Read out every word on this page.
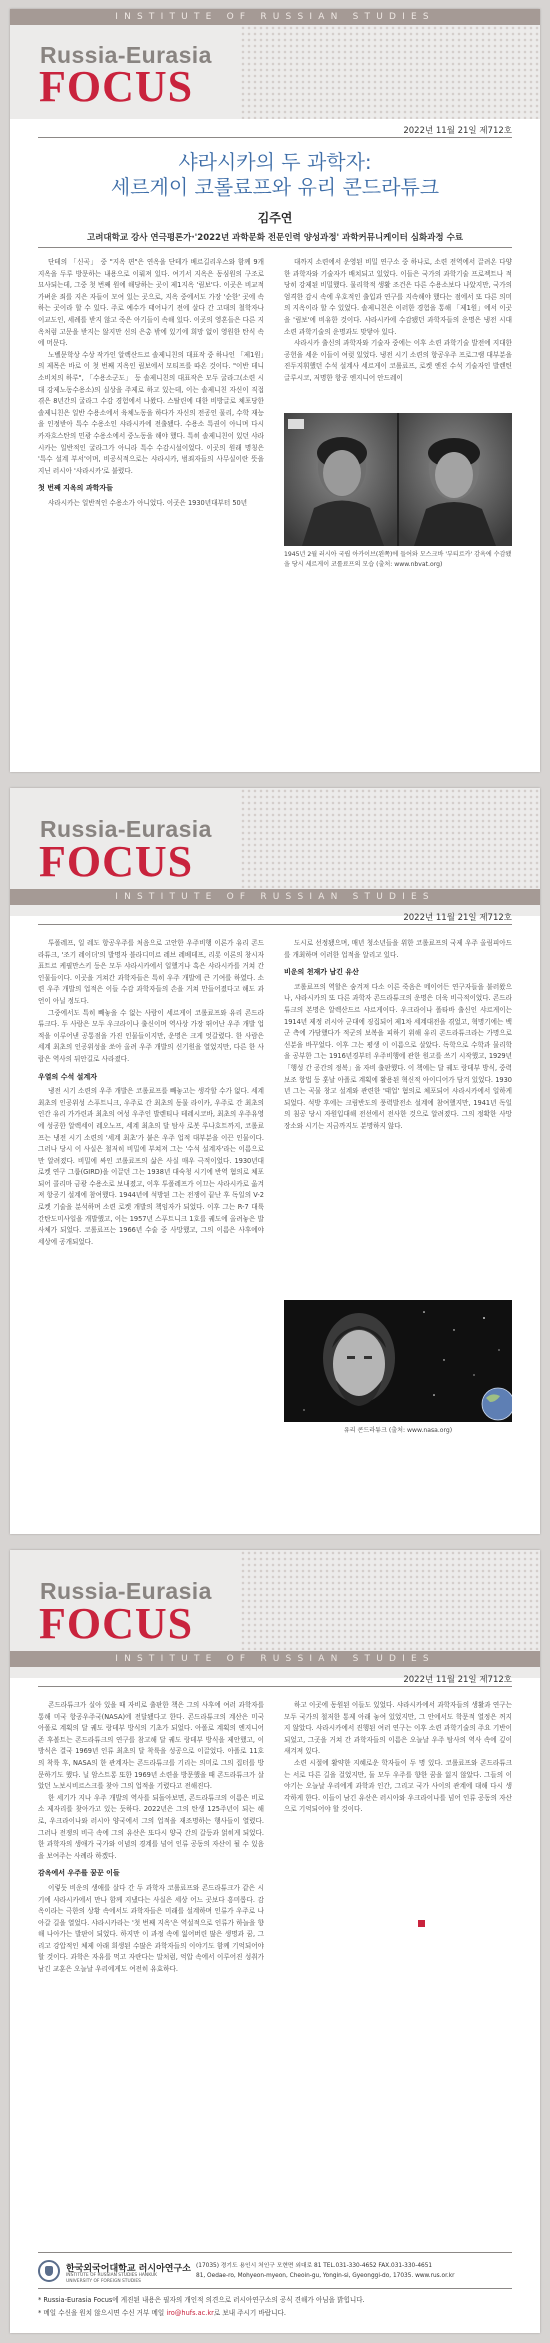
INSTITUTE OF RUSSIAN STUDIES
Russia-Eurasia
FOCUS
2022년 11월 21일 제712호
샤라시카의 두 과학자:
세르게이 코롤료프와 유리 콘드라튜크
김주연
고려대학교 강사 연극평론가·'2022년 과학문화 전문인력 양성과정' 과학커뮤니케이터 심화과정 수료

단테의 「신곡」 중 "지옥 편"은 연옥을 단테가 베르길리우스와 함께 9개 지옥을 두루 방문하는 내용으로 이뤄져 있다. 여기서 지옥은 동심원의 구조로 묘사되는데, 그중 첫 번째 원에 해당하는 곳이 제1지옥 '림보'다. 이곳은 비교적 가벼운 죄를 지은 자들이 모여 있는 곳으로, 지옥 중에서도 가장 '순한' 곳에 속하는 곳이라 할 수 있다. 주로 예수가 태어나기 전에 살다 간 고대의 철학자나 이교도인, 세례를 받지 않고 죽은 아기들이 속해 있다. 이곳의 영혼들은 다른 지옥처럼 고문을 받지는 않지만 신의 은총 밖에 있기에 희망 없이 영원한 탄식 속에 머문다.

노벨문학상 수상 작가인 알렉산드르 솔제니친의 대표작 중 하나인 「제1원」의 제목은 바로 이 첫 번째 지옥인 림보에서 모티프를 따온 것이다. "이반 데니소비치의 하루", 「수용소군도」 등 솔제니친의 대표작은 모두 굴라그(소련 시대 강제노동수용소)의 실상을 주제로 하고 있는데, 이는 솔제니친 자신이 직접 겪은 8년간의 굴라그 수감 경험에서 나왔다. 스탈린에 대한 비방글로 체포당한 솔제니친은 일반 수용소에서 육체노동을 하다가 자신의 전공인 물리, 수학 재능을 인정받아 특수 수용소인 샤라시카에 전출됐다. 수용소 특권이 아니며 다시 카자흐스탄의 민광 수용소에서 중노동을 해야 했다. 특히 솔제니친이 있던 샤라시카는 일반적인 굴라그가 아니라 특수 수감시설이었다. 이곳의 원래 명칭은 '특수 설계 부서'이며, 비공식적으로는 샤라시카, 범죄자들의 사무실이란 뜻을 지닌 러시아 '샤라시카'로 불렸다.

첫 번째 지옥의 과학자들

샤라시카는 일반적인 수용소가 아니었다. 이곳은 1930년대부터 50년

대까지 소련에서 운영된 비밀 연구소 중 하나로, 소련 전역에서 끌려온 다양한 과학자와 기술자가 배치되고 있었다. 이들은 국가의 과학기술 프로젝트나 적당히 강제된 비밀했다. 물리학적 생활 조건은 다른 수용소보다 나았지만, 국가의 엄격한 감시 속에 우호적인 출입과 연구를 지속해야 했다는 점에서 또 다른 의미의 지옥이라 할 수 있었다. 솔제니친은 이러한 경험을 통해 「제1원」에서 이곳을 '림보'에 비유한 것이다. 샤라시카에 수감됐던 과학자들의 운명은 냉전 시대 소련 과학기술의 운명과도 맞닿아 있다.

샤라시카 출신의 과학자와 기술자 중에는 이후 소련 과학기술 발전에 지대한 공헌을 세운 이들이 여럿 있었다. 냉전 시기 소련의 항공우주 프로그램 대부분을 진두지휘했던 수석 설계사 세르게이 코롤료프, 로켓 엔진 수석 기술자인 발렌틴 글루시코, 저명한 항공 엔지니어 안드레이

1945년 2월 러시아 국립 아카이브(왼쪽)에 들어와 모스크바 '부티르카' 감옥에 수감됐을 당시 세르게이 코롤료프의 모습 (출처: www.nbvat.org)
Russia-Eurasia
FOCUS
INSTITUTE OF RUSSIAN STUDIES
2022년 11월 21일 제712호

투폴레프, 일 레도 항공우주를 처음으로 고안한 우주비행 이론가 유리 콘드라튜크, '조기 레이더'의 발명자 블라디미르 레브 레베데프, 리롯 이론의 창시자 표트르 케필만스키 등은 모두 샤라시카에서 일했거나 혹은 샤라시카를 거쳐 간 인물들이다. 이곳을 거쳐간 과학자들은 특히 우주 개발에 큰 기여를 하였다. 소련 우주 개발의 업적은 이들 수감 과학자들의 손을 거쳐 만들어졌다고 해도 과언이 아닐 정도다.

그중에서도 특히 빼놓을 수 없는 사람이 세르게이 코롤료프와 유리 콘드라튜크다. 두 사람은 모두 우크라이나 출신이며 역사상 가장 뛰어난 우주 개발 업적을 이루어낸 공통점을 가진 인물들이지만, 운명은 크게 엇갈렸다. 한 사람은 세계 최초의 인공위성을 쏘아 올려 우주 개발의 신기원을 열었지만, 다른 한 사람은 역사의 뒤안길로 사라졌다.

우열의 수석 설계자

냉전 시기 소련의 우주 개발은 코롤료프를 빼놓고는 생각할 수가 없다. 세계 최초의 인공위성 스푸트니크, 우주로 간 최초의 동물 라이카, 우주로 간 최초의 인간 유리 가가린과 최초의 여성 우주인 발렌티나 테레시코바, 최초의 우주유영에 성공한 알렉세이 레오노프, 세계 최초의 달 탐사 로봇 루나호트까지, 코롤료프는 냉전 시기 소련의 '세계 최초'가 붙은 우주 업적 대부분을 이끈 인물이다. 그러나 당시 이 사실은 철저히 비밀에 부쳐져 그는 '수석 설계자'라는 이름으로만 알려졌다. 비밀에 싸인 코롤료프의 삶은 사실 매우 극적이었다. 1930년대 로켓 연구 그룹(GIRD)을 이끌던 그는 1938년 대숙청 시기에 반역 혐의로 체포되어 콜리마 금광 수용소로 보내졌고, 이후 투폴레프가 이끄는 샤라시카로 옮겨져 항공기 설계에 참여했다. 1944년에 석방된 그는 전쟁이 끝난 후 독일의 V-2 로켓 기술을 분석하며 소련 로켓 개발의 책임자가 되었다. 이후 그는 R-7 대륙간탄도미사일을 개발했고, 이는 1957년 스푸트니크 1호를 궤도에 올려놓은 발사체가 되었다. 코롤료프는 1966년 수술 중 사망했고, 그의 이름은 사후에야 세상에 공개되었다.

도시로 선정됐으며, 매년 청소년들을 위한 코롤료프의 국제 우주 올림피아드를 개최하며 이러한 업적을 알리고 있다.

비운의 천재가 남긴 유산

코롤료프의 역할은 숨겨져 다소 이른 죽음은 메이어든 연구자들을 불러왔으나, 샤라시카의 또 다른 과학자 콘드라튜크의 운명은 더욱 비극적이었다. 콘드라튜크의 본명은 알렉산드르 샤르게이다. 우크라이나 폴타바 출신인 샤르게이는 1914년 제정 러시아 군대에 징집되어 제1차 세계대전을 겪었고, 혁명기에는 백군 측에 가담했다가 적군의 보복을 피하기 위해 유리 콘드라튜크라는 가명으로 신분을 바꾸었다. 이후 그는 평생 이 이름으로 살았다. 독학으로 수학과 물리학을 공부한 그는 1916년경부터 우주비행에 관한 원고를 쓰기 시작했고, 1929년 「행성 간 공간의 정복」을 자비 출판했다. 이 책에는 달 궤도 랑데부 방식, 중력 보조 항법 등 훗날 아폴로 계획에 활용된 혁신적 아이디어가 담겨 있었다. 1930년 그는 곡물 창고 설계와 관련한 '태업' 혐의로 체포되어 샤라시카에서 일하게 되었다. 석방 후에는 크림반도의 풍력발전소 설계에 참여했지만, 1941년 독일의 침공 당시 자원입대해 전선에서 전사한 것으로 알려졌다. 그의 정확한 사망 장소와 시기는 지금까지도 분명하지 않다.

유리 콘드라튜크 (출처: www.nasa.org)
Russia-Eurasia
FOCUS
INSTITUTE OF RUSSIAN STUDIES
2022년 11월 21일 제712호

콘드라튜크가 실아 있을 때 자비로 출판한 책은 그의 사후에 여러 과학자를 통해 미국 항공우주국(NASA)에 전달됐다고 한다. 콘드라튜크의 계산은 미국 아폴로 계획의 달 궤도 랑데부 방식의 기초가 되었다. 아폴로 계획의 엔지니어 존 후볼트는 콘드라튜크의 연구를 참고해 달 궤도 랑데부 방식을 제안했고, 이 방식은 결국 1969년 인류 최초의 달 착륙을 성공으로 이끌었다. 아폴로 11호의 착륙 후, NASA의 한 관계자는 콘드라튜크를 기리는 의미로 그의 집터를 방문하기도 했다. 닐 암스트롱 또한 1969년 소련을 방문했을 때 콘드라튜크가 살았던 노보시비르스크를 찾아 그의 업적을 기렸다고 전해진다.

한 세기가 지나 우주 개발의 역사를 되돌아보면, 콘드라튜크의 이름은 비로소 제자리를 찾아가고 있는 듯하다. 2022년은 그의 탄생 125주년이 되는 해로, 우크라이나와 러시아 양국에서 그의 업적을 재조명하는 행사들이 열렸다. 그러나 전쟁의 비극 속에 그의 유산은 또다시 양국 간의 갈등과 얽히게 되었다. 한 과학자의 생애가 국가와 이념의 경계를 넘어 인류 공동의 자산이 될 수 있음을 보여주는 사례라 하겠다.

감옥에서 우주를 꿈꾼 이들

이렇듯 비운의 생애를 살다 간 두 과학자 코롤료프와 콘드라튜크가 같은 시기에 샤라시카에서 만나 함께 지냈다는 사실은 세상 어느 곳보다 흥미롭다. 감옥이라는 극한의 상황 속에서도 과학자들은 미래를 설계하며 인류가 우주로 나아갈 길을 열었다. 샤라시카라는 '첫 번째 지옥'은 역설적으로 인류가 하늘을 향해 나아가는 발판이 되었다. 하지만 이 과정 속에 잃어버린 많은 생명과 꿈, 그리고 강압적인 체제 아래 희생된 수많은 과학자들의 이야기도 함께 기억되어야 할 것이다. 과학은 자유를 먹고 자란다는 말처럼, 억압 속에서 이루어진 성취가 남긴 교훈은 오늘날 우리에게도 여전히 유효하다.

하고 이곳에 동원된 이들도 있었다. 샤라시카에서 과학자들의 생활과 연구는 모두 국가의 철저한 통제 아래 놓여 있었지만, 그 안에서도 학문적 열정은 꺼지지 않았다. 샤라시카에서 진행된 여러 연구는 이후 소련 과학기술의 주요 기반이 되었고, 그곳을 거쳐 간 과학자들의 이름은 오늘날 우주 탐사의 역사 속에 깊이 새겨져 있다.

소련 시절에 활약한 지혜로운 학자들이 두 명 있다. 코롤료프와 콘드라튜크는 서로 다른 길을 걸었지만, 둘 모두 우주를 향한 꿈을 잃지 않았다. 그들의 이야기는 오늘날 우리에게 과학과 인간, 그리고 국가 사이의 관계에 대해 다시 생각하게 한다. 이들이 남긴 유산은 러시아와 우크라이나를 넘어 인류 공동의 자산으로 기억되어야 할 것이다.

한국외국어대학교 러시아연구소
INSTITUTE OF RUSSIAN STUDIES HANKUK UNIVERSITY OF FOREIGN STUDIES
(17035) 경기도 용인시 처인구 모현면 외대로 81 TEL.031-330-4652 FAX.031-330-4651
81, Oedae-ro, Mohyeon-myeon, Cheoin-gu, Yongin-si, Gyeonggi-do, 17035. www.rus.or.kr
* Russia-Eurasia Focus에 게진된 내용은 필자의 개인적 의견으로 러시아연구소의 공식 견해가 아님을 밝힙니다.
* 메일 수신을 원치 않으시면 수신 거부 메일 iro@hufs.ac.kr로 보내 주시기 바랍니다.
